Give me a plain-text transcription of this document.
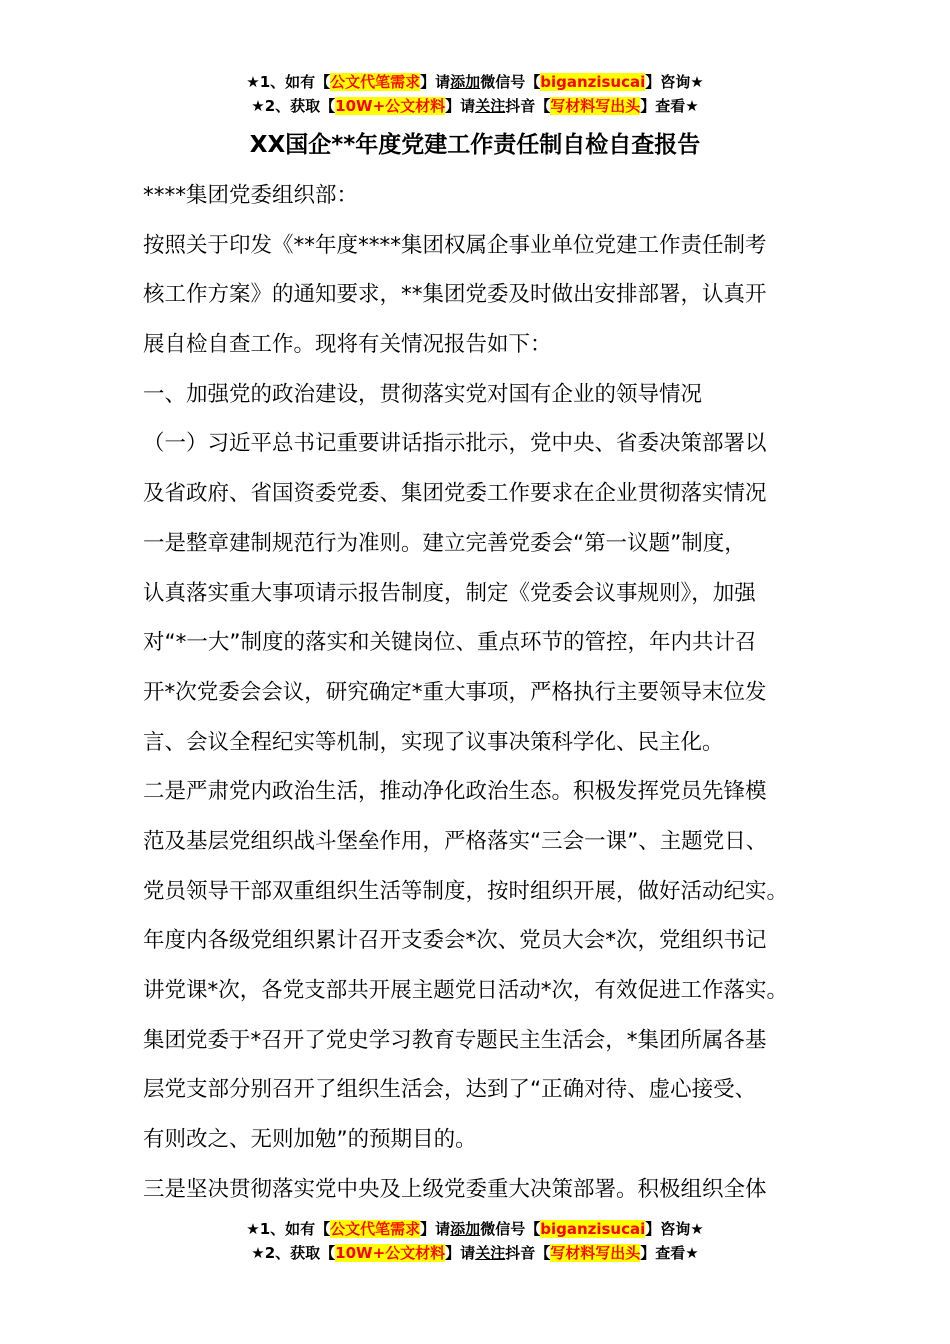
★1、如有【公文代笔需求】请添加微信号【biganzisucai】咨询★
★2、获取【10W+公文材料】请关注抖音【写材料写出头】查看★
XX国企**年度党建工作责任制自检自查报告
****集团党委组织部：
按照关于印发《**年度****集团权属企事业单位党建工作责任制考
核工作方案》的通知要求，**集团党委及时做出安排部署，认真开
展自检自查工作。现将有关情况报告如下：
一、加强党的政治建设，贯彻落实党对国有企业的领导情况
（一）习近平总书记重要讲话指示批示，党中央、省委决策部署以
及省政府、省国资委党委、集团党委工作要求在企业贯彻落实情况
一是整章建制规范行为准则。建立完善党委会“第一议题”制度，
认真落实重大事项请示报告制度，制定《党委会议事规则》，加强
对“*一大”制度的落实和关键岗位、重点环节的管控，年内共计召
开*次党委会会议，研究确定*重大事项，严格执行主要领导末位发
言、会议全程纪实等机制，实现了议事决策科学化、民主化。
二是严肃党内政治生活，推动净化政治生态。积极发挥党员先锋模
范及基层党组织战斗堡垒作用，严格落实“三会一课”、主题党日、
党员领导干部双重组织生活等制度，按时组织开展，做好活动纪实。
年度内各级党组织累计召开支委会*次、党员大会*次，党组织书记
讲党课*次，各党支部共开展主题党日活动*次，有效促进工作落实。
集团党委于*召开了党史学习教育专题民主生活会，*集团所属各基
层党支部分别召开了组织生活会，达到了“正确对待、虚心接受、
有则改之、无则加勉”的预期目的。
三是坚决贯彻落实党中央及上级党委重大决策部署。积极组织全体
★1、如有【公文代笔需求】请添加微信号【biganzisucai】咨询★
★2、获取【10W+公文材料】请关注抖音【写材料写出头】查看★
